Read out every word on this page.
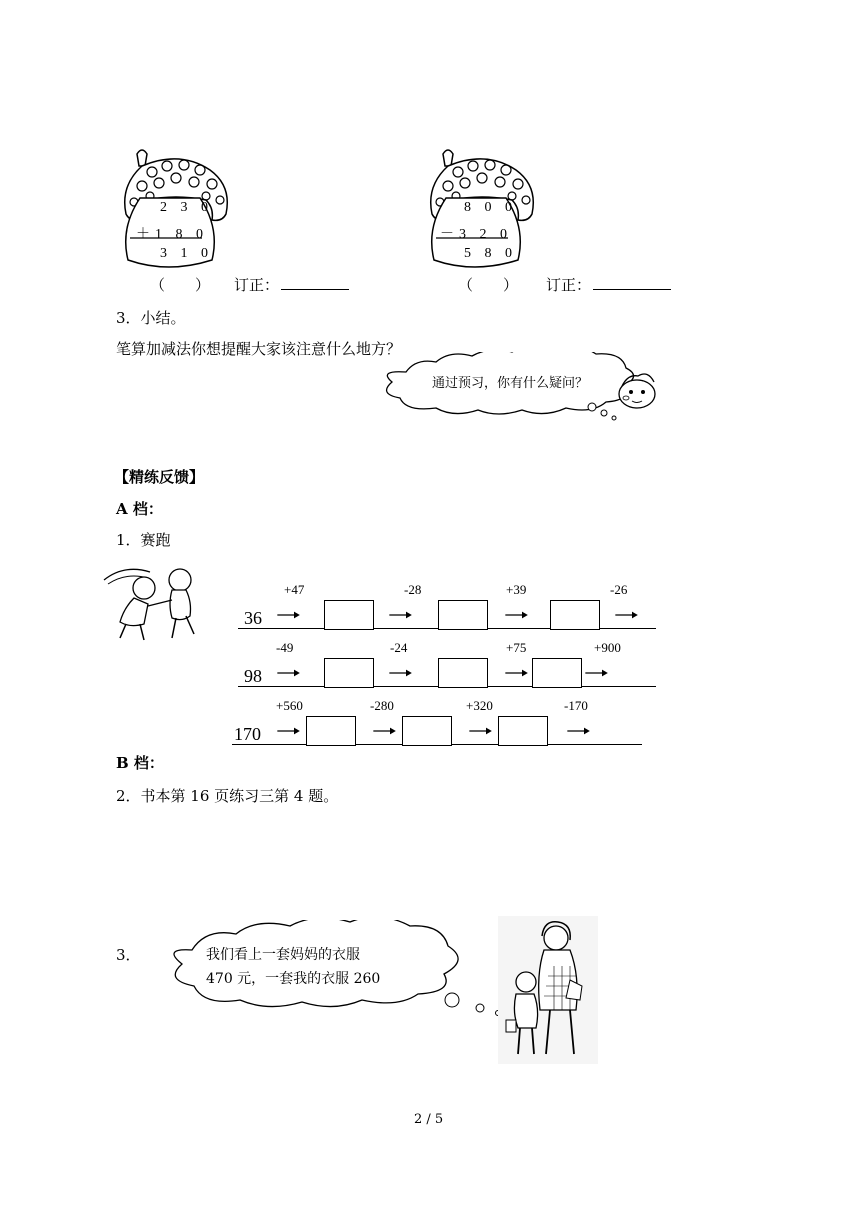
2 3 0
＋1 8 0
3 1 0
8 0 0
－3 2 0
5 8 0
（　　） 订正：	（　　） 订正：
3．小结。
笔算加减法你想提醒大家该注意什么地方？
通过预习，你有什么疑问？
【精练反馈】
A 档：
1．赛跑
36
+47	-28	+39	-26
98
-49	-24	+75	+900
170
+560	-280	+320	-170
B 档：
2．书本第 16 页练习三第 4 题。
3．	我们看上一套妈妈的衣服
470 元，一套我的衣服 260
2 / 5
